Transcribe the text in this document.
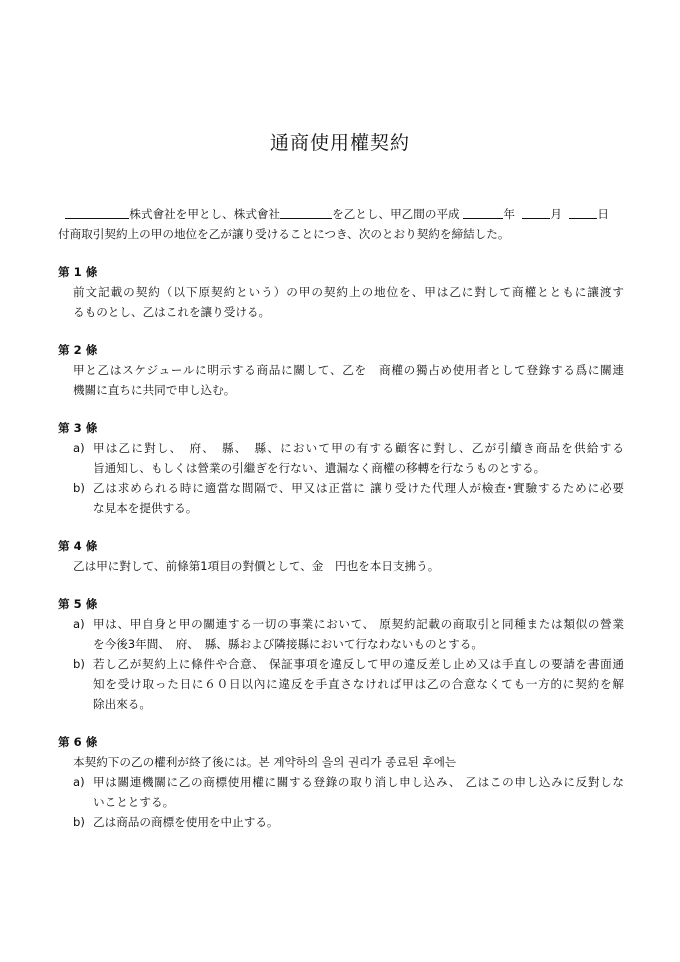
通商使用權契約
株式會社を甲とし、株式會社	を乙とし、甲乙間の平成	年	月	日
付商取引契約上の甲の地位を乙が讓り受けることにつき、次のとおり契約を締結した。
第 1 條
前文記載の契約（以下原契約という）の甲の契約上の地位を、甲は乙に對して商權とともに讓渡す
るものとし、乙はこれを讓り受ける。
第 2 條
甲と乙はスケジュールに明示する商品に關して、乙を　商權の獨占め使用者として登錄する爲に關連
機關に直ちに共同で申し込む。
第 3 條
a) 甲は乙に對し、　府、　縣、　縣、において甲の有する顧客に對し、乙が引續き商品を供給する
旨通知し、もしくは營業の引繼ぎを行ない、遺漏なく商權の移轉を行なうものとする。
b) 乙は求められる時に適當な間隔で、甲又は正當に 讓り受けた代理人が檢查･實驗するために必要
な見本を提供する。
第 4 條
乙は甲に對して、前條第1項目の對價として、金　円也を本日支拂う。
第 5 條
a) 甲は、甲自身と甲の關連する一切の事業において、 原契約記載の商取引と同種または類似の營業
を今後3年間、　府、　縣、縣および隣接縣において行なわないものとする。
b) 若し乙が契約上に條件や合意、 保証事項を違反して甲の違反差し止め又は手直しの要請を書面通
知を受け取った日に６０日以內に違反を手直さなければ甲は乙の合意なくても一方的に契約を解
除出來る。
第 6 條
本契約下の乙の權利が終了後には。본 계약하의 을의 권리가 종료된 후에는
a) 甲は關連機關に乙の商標使用權に關する登錄の取り消し申し込み、 乙はこの申し込みに反對しな
いこととする。
b) 乙は商品の商標を使用を中止する。
